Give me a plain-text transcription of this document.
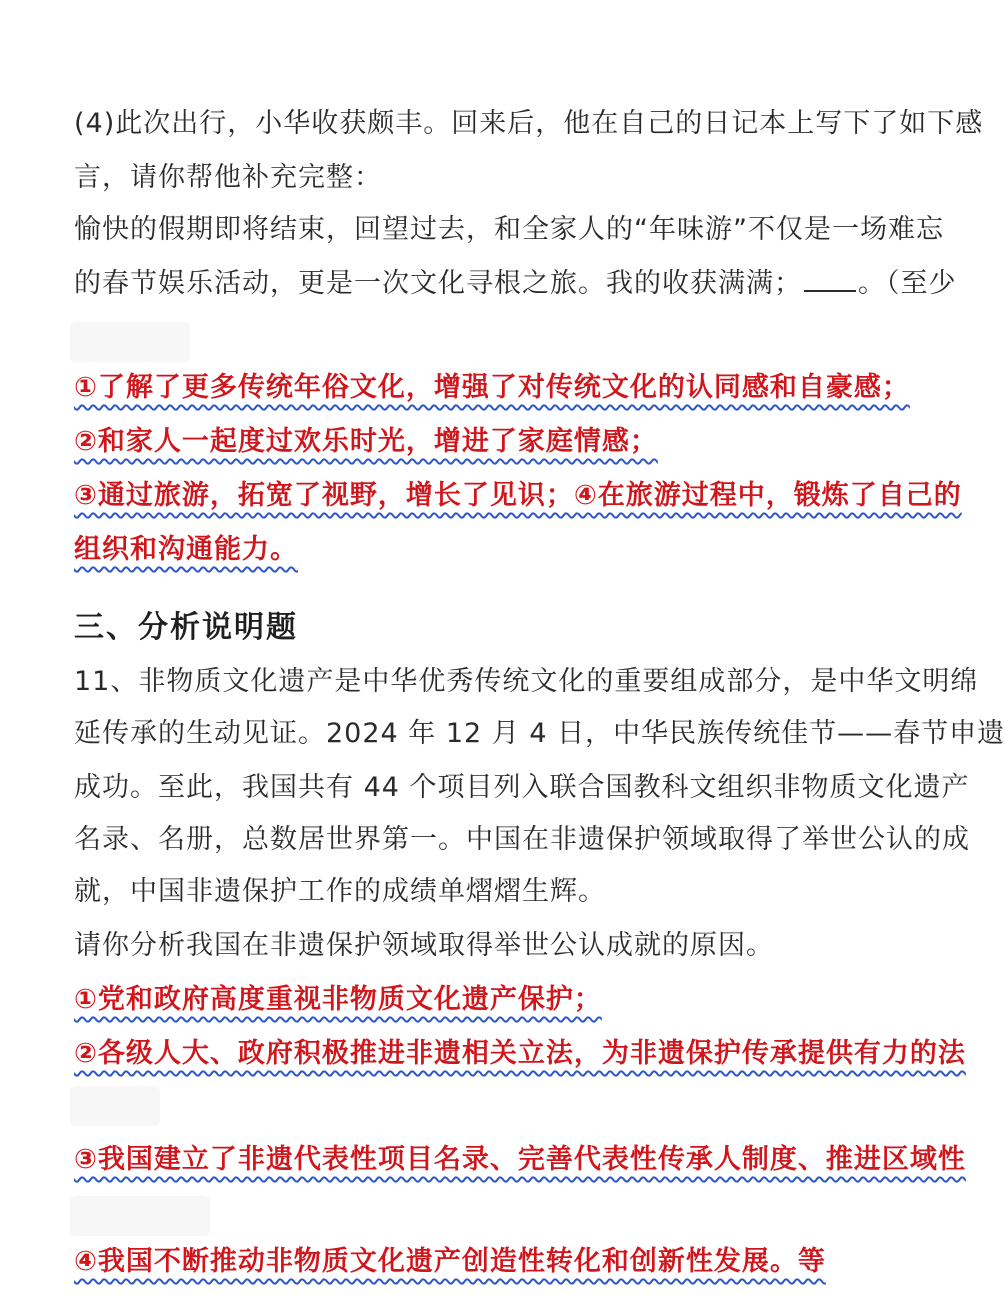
(4)此次出行，小华收获颇丰。回来后，他在自己的日记本上写下了如下感
言，请你帮他补充完整：
愉快的假期即将结束，回望过去，和全家人的“年味游”不仅是一场难忘
的春节娱乐活动，更是一次文化寻根之旅。我的收获满满； 。（至少
①了解了更多传统年俗文化，增强了对传统文化的认同感和自豪感；
②和家人一起度过欢乐时光，增进了家庭情感；
③通过旅游，拓宽了视野，增长了见识；④在旅游过程中，锻炼了自己的
组织和沟通能力。
三、分析说明题
11、非物质文化遗产是中华优秀传统文化的重要组成部分，是中华文明绵
延传承的生动见证。2024 年 12 月 4 日，中华民族传统佳节——春节申遗
成功。至此，我国共有 44 个项目列入联合国教科文组织非物质文化遗产
名录、名册，总数居世界第一。中国在非遗保护领域取得了举世公认的成
就，中国非遗保护工作的成绩单熠熠生辉。
请你分析我国在非遗保护领域取得举世公认成就的原因。
①党和政府高度重视非物质文化遗产保护；
②各级人大、政府积极推进非遗相关立法，为非遗保护传承提供有力的法
③我国建立了非遗代表性项目名录、完善代表性传承人制度、推进区域性
④我国不断推动非物质文化遗产创造性转化和创新性发展。等
